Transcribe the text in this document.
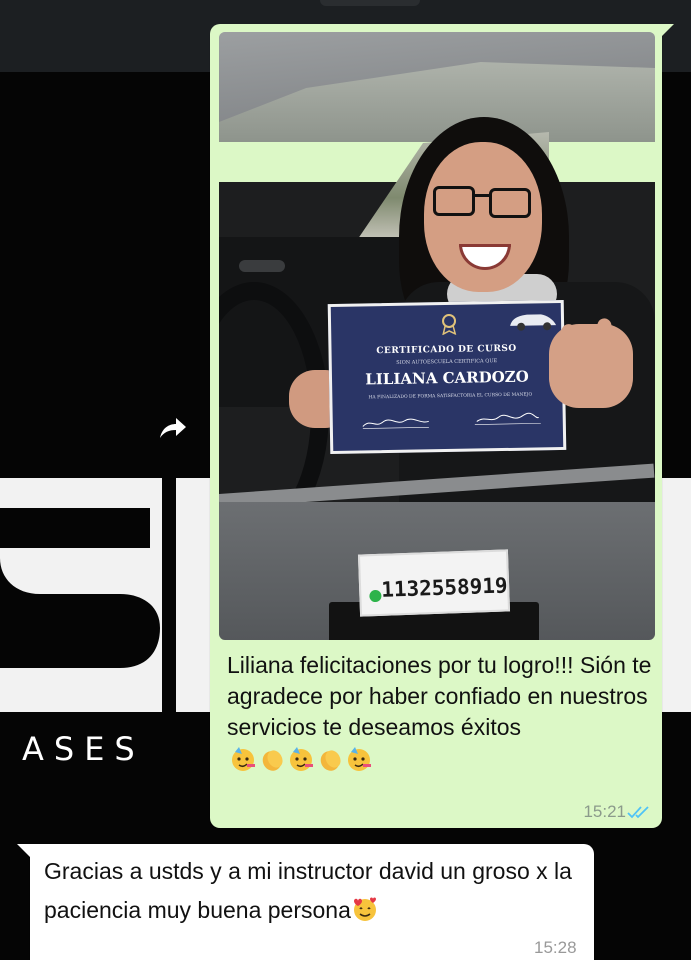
ASES
CERTIFICADO DE CURSO
SION AUTOESCUELA CERTIFICA QUE
LILIANA CARDOZO
HA FINALIZADO DE FORMA SATISFACTORIA EL CURSO DE MANEJO
1132558919
Liliana felicitaciones por tu logro!!! Sión te agradece por haber confiado en nuestros servicios te deseamos éxitos
15:21
Gracias a ustds y a mi instructor david un groso x la paciencia muy buena persona
15:28
